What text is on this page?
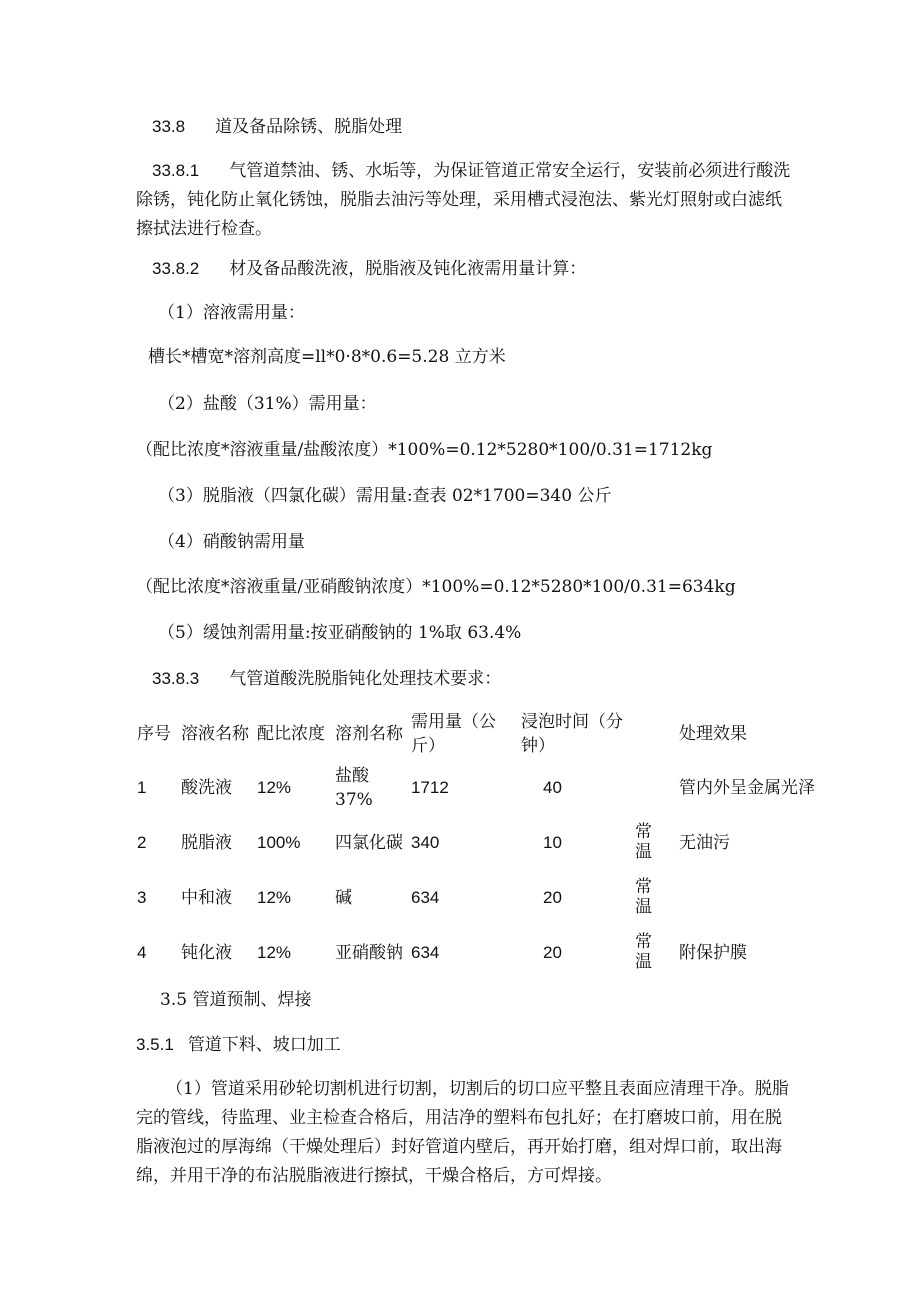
33.8 道及备品除锈、脱脂处理
33.8.1 气管道禁油、锈、水垢等，为保证管道正常安全运行，安装前必须进行酸洗除锈，钝化防止氧化锈蚀，脱脂去油污等处理，采用槽式浸泡法、紫光灯照射或白滤纸擦拭法进行检查。
33.8.2 材及备品酸洗液，脱脂液及钝化液需用量计算：
（1）溶液需用量：
槽长*槽宽*溶剂高度=ll*0·8*0.6=5.28 立方米
（2）盐酸（31%）需用量：
（配比浓度*溶液重量/盐酸浓度）*100%=0.12*5280*100/0.31=1712kg
（3）脱脂液（四氯化碳）需用量:查表 02*1700=340 公斤
（4）硝酸钠需用量
（配比浓度*溶液重量/亚硝酸钠浓度）*100%=0.12*5280*100/0.31=634kg
（5）缓蚀剂需用量:按亚硝酸钠的 1%取 63.4%
33.8.3 气管道酸洗脱脂钝化处理技术要求：
序号	溶液名称	配比浓度	溶剂名称	需用量（公斤）	浸泡时间（分钟）		处理效果
1	酸洗液	12%	盐酸 37%	1712	40		管内外呈金属光泽
2	脱脂液	100%	四氯化碳	340	10	常温	无油污
3	中和液	12%	碱	634	20	常温	
4	钝化液	12%	亚硝酸钠	634	20	常温	附保护膜
3.5 管道预制、焊接
3.5.1 管道下料、坡口加工
（1）管道采用砂轮切割机进行切割，切割后的切口应平整且表面应清理干净。脱脂完的管线，待监理、业主检查合格后，用洁净的塑料布包扎好；在打磨坡口前，用在脱脂液泡过的厚海绵（干燥处理后）封好管道内壁后，再开始打磨，组对焊口前，取出海绵，并用干净的布沾脱脂液进行擦拭，干燥合格后，方可焊接。
